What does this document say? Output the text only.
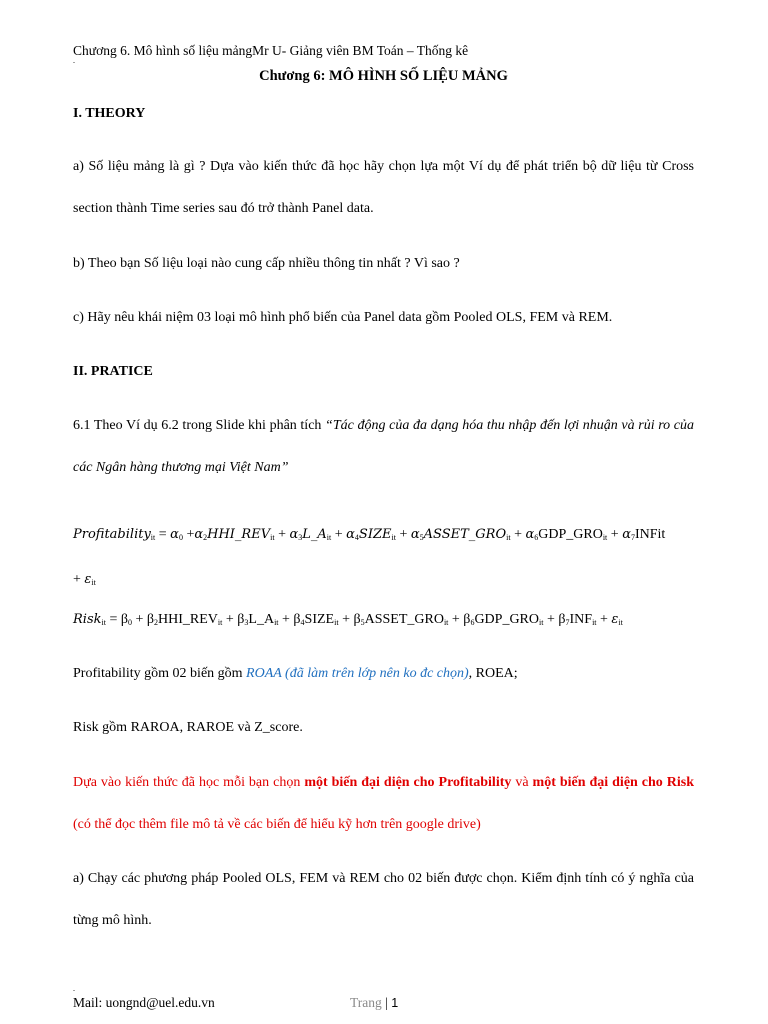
Chương 6. Mô hình số liệu mảngMr U- Giảng viên BM Toán – Thống kê
.
Chương 6: MÔ HÌNH SỐ LIỆU MẢNG
I. THEORY
a) Số liệu mảng là gì ? Dựa vào kiến thức đã học hãy chọn lựa một Ví dụ để phát triển bộ dữ liệu từ Cross section thành Time series sau đó trở thành Panel data.
b) Theo bạn Số liệu loại nào cung cấp nhiều thông tin nhất ? Vì sao ?
c) Hãy nêu khái niệm 03 loại mô hình phổ biến của Panel data gồm Pooled OLS, FEM và REM.
II. PRATICE
6.1 Theo Ví dụ 6.2 trong Slide khi phân tích “Tác động của đa dạng hóa thu nhập đến lợi nhuận và rủi ro của các Ngân hàng thương mại Việt Nam”
Profitability$_{it}$ = $\alpha_0$ $+\alpha_2HHI\_REV_{it}$ + $\alpha_3L\_A_{it}$ + $\alpha_4SIZE_{it}$ + $\alpha_5ASSET\_GRO_{it}$ + $\alpha_6GDP\_GRO_{it}$ + $\alpha_7INFit$
+ $\varepsilon_{it}$
Risk$_{it}$ = $\beta_0$ + $\beta_2HHI\_REV_{it}$ + $\beta_3L\_A_{it}$ + $\beta_4SIZE_{it}$ + $\beta_5ASSET\_GRO_{it}$ + $\beta_6GDP\_GRO_{it} + \beta_7INF_{it} + \varepsilon_{it}$
Profitability gồm 02 biến gồm ROAA (đã làm trên lớp nên ko đc chọn), ROEA;
Risk gồm RAROA, RAROE và Z_score.
Dựa vào kiến thức đã học mỗi bạn chọn một biến đại diện cho Profitability và một biến đại diện cho Risk (có thể đọc thêm file mô tả về các biến để hiểu kỹ hơn trên google drive)
a) Chạy các phương pháp Pooled OLS, FEM và REM cho 02 biến được chọn. Kiểm định tính có ý nghĩa của từng mô hình.
.
Mail: uongnd@uel.edu.vn	Trang | 1
